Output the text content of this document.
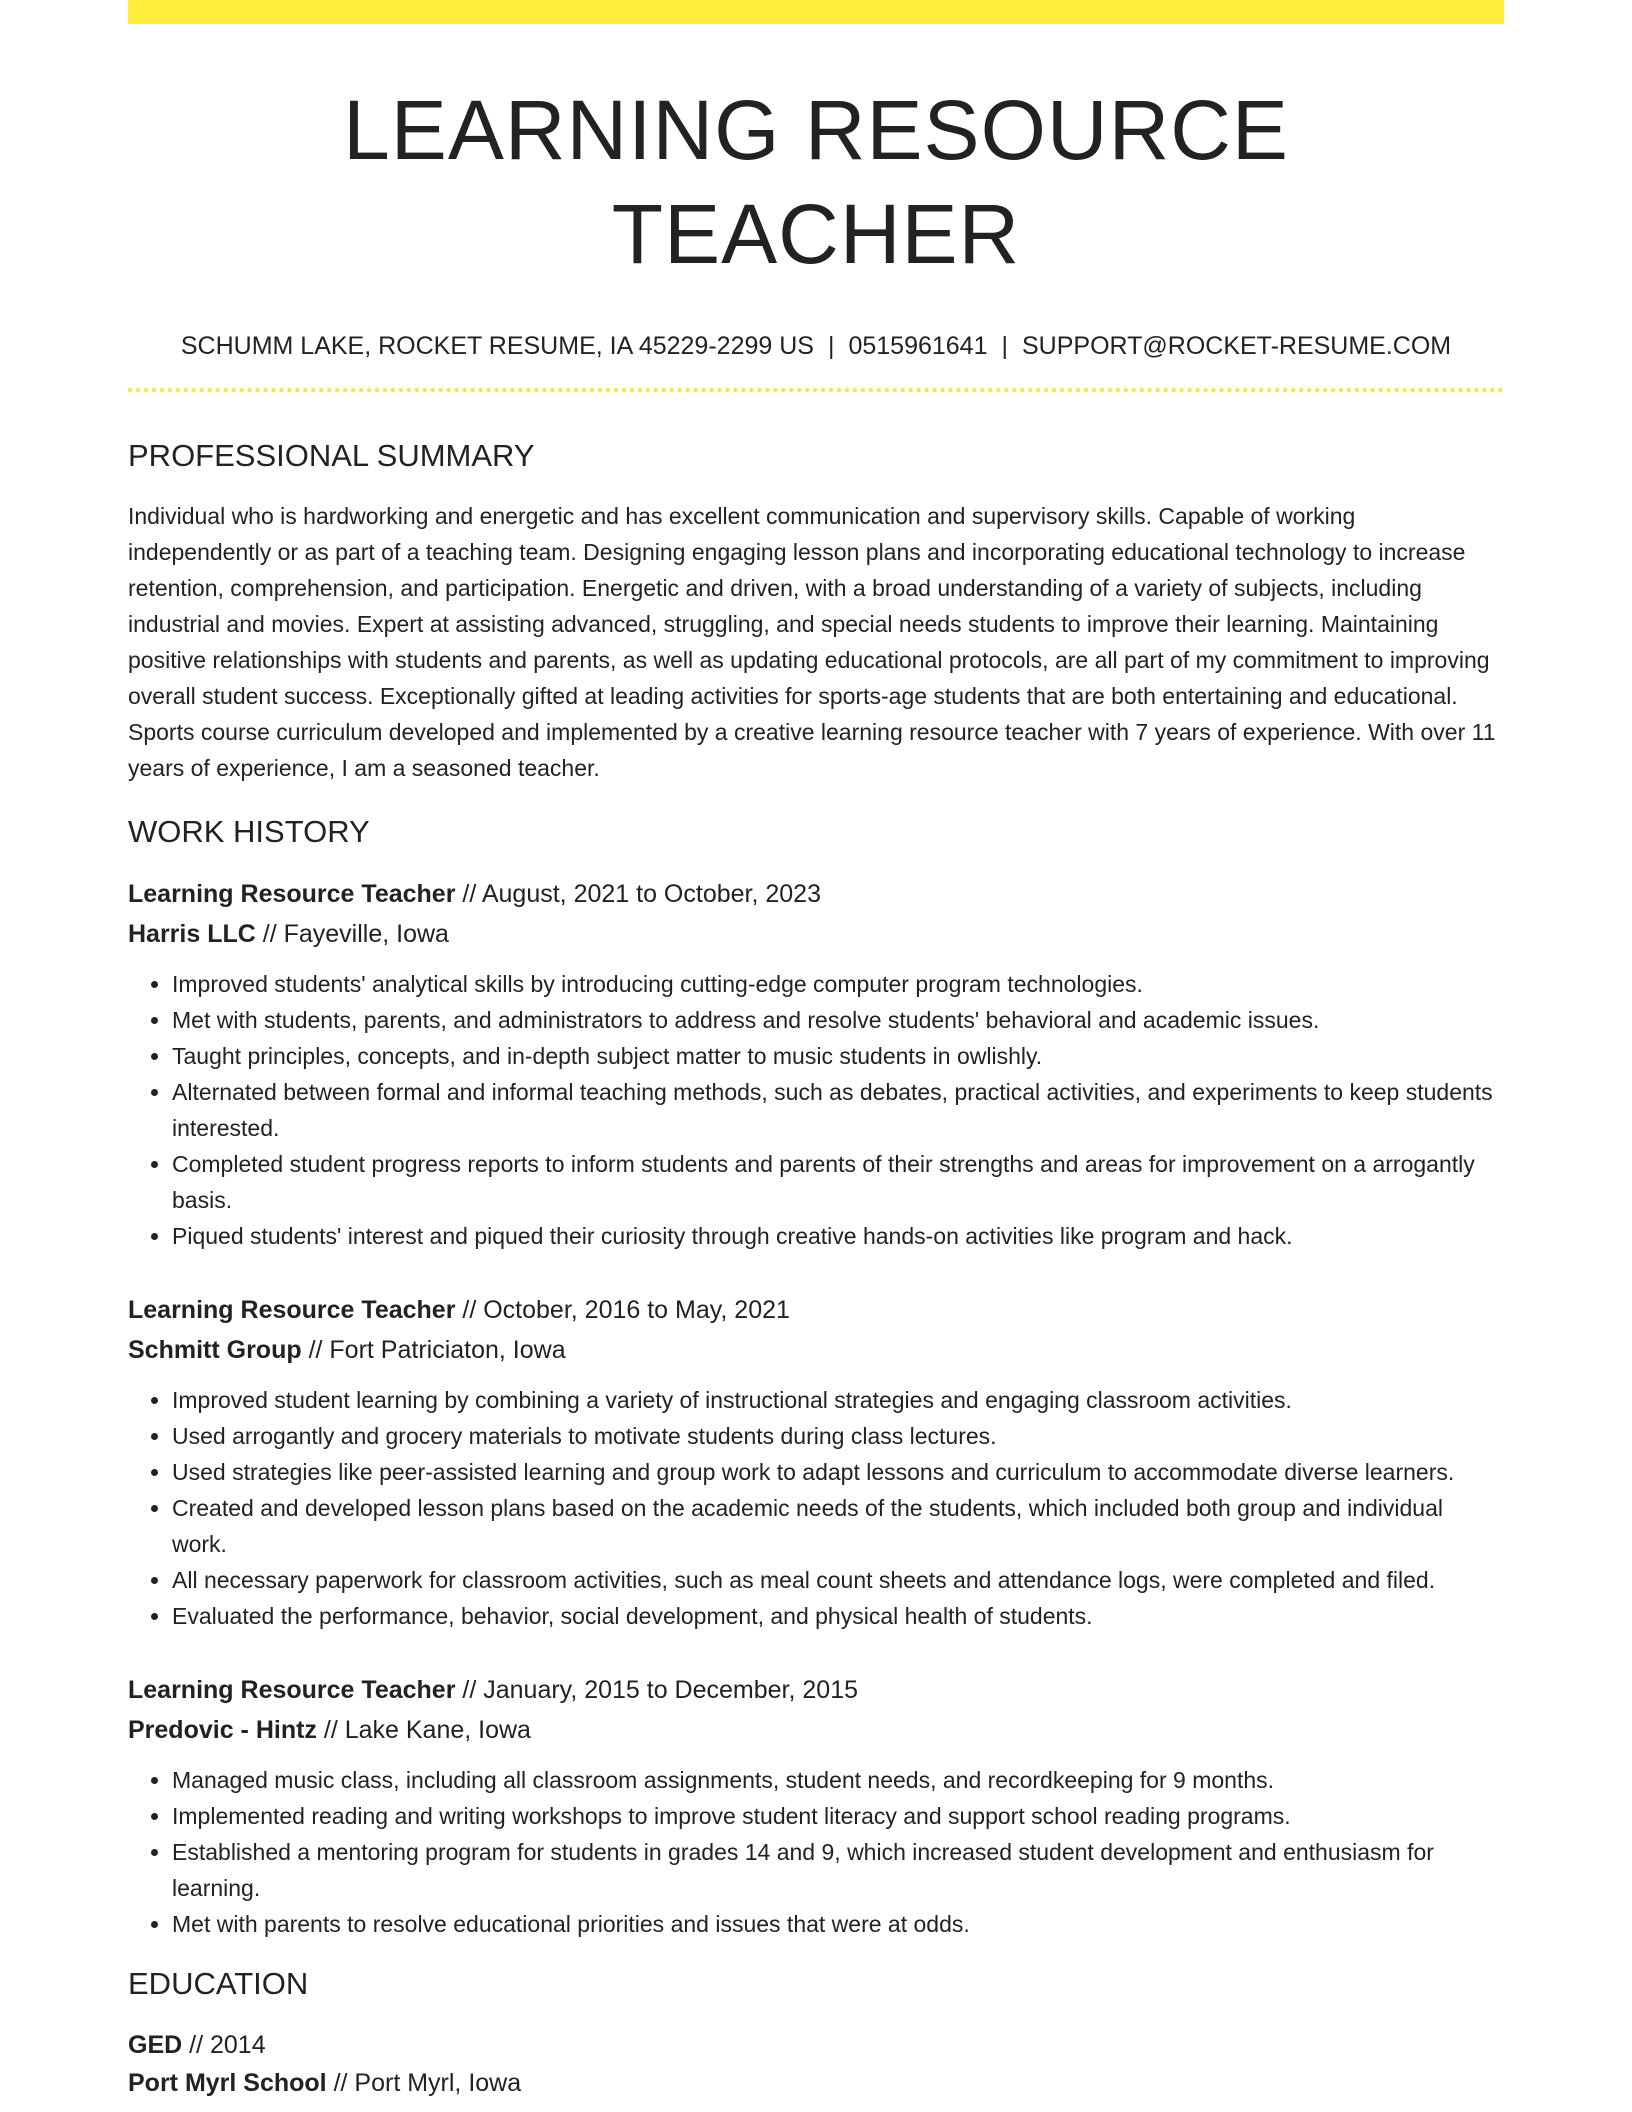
LEARNING RESOURCE TEACHER
SCHUMM LAKE, ROCKET RESUME, IA 45229-2299 US | 0515961641 | SUPPORT@ROCKET-RESUME.COM
PROFESSIONAL SUMMARY

Individual who is hardworking and energetic and has excellent communication and supervisory skills. Capable of working independently or as part of a teaching team. Designing engaging lesson plans and incorporating educational technology to increase retention, comprehension, and participation. Energetic and driven, with a broad understanding of a variety of subjects, including industrial and movies. Expert at assisting advanced, struggling, and special needs students to improve their learning. Maintaining positive relationships with students and parents, as well as updating educational protocols, are all part of my commitment to improving overall student success. Exceptionally gifted at leading activities for sports-age students that are both entertaining and educational. Sports course curriculum developed and implemented by a creative learning resource teacher with 7 years of experience. With over 11 years of experience, I am a seasoned teacher.

WORK HISTORY
Learning Resource Teacher // August, 2021 to October, 2023
Harris LLC // Fayeville, Iowa
• Improved students' analytical skills by introducing cutting-edge computer program technologies.
• Met with students, parents, and administrators to address and resolve students' behavioral and academic issues.
• Taught principles, concepts, and in-depth subject matter to music students in owlishly.
• Alternated between formal and informal teaching methods, such as debates, practical activities, and experiments to keep students interested.
• Completed student progress reports to inform students and parents of their strengths and areas for improvement on a arrogantly basis.
• Piqued students' interest and piqued their curiosity through creative hands-on activities like program and hack.
Learning Resource Teacher // October, 2016 to May, 2021
Schmitt Group // Fort Patriciaton, Iowa
• Improved student learning by combining a variety of instructional strategies and engaging classroom activities.
• Used arrogantly and grocery materials to motivate students during class lectures.
• Used strategies like peer-assisted learning and group work to adapt lessons and curriculum to accommodate diverse learners.
• Created and developed lesson plans based on the academic needs of the students, which included both group and individual work.
• All necessary paperwork for classroom activities, such as meal count sheets and attendance logs, were completed and filed.
• Evaluated the performance, behavior, social development, and physical health of students.
Learning Resource Teacher // January, 2015 to December, 2015
Predovic - Hintz // Lake Kane, Iowa
• Managed music class, including all classroom assignments, student needs, and recordkeeping for 9 months.
• Implemented reading and writing workshops to improve student literacy and support school reading programs.
• Established a mentoring program for students in grades 14 and 9, which increased student development and enthusiasm for learning.
• Met with parents to resolve educational priorities and issues that were at odds.
EDUCATION
GED // 2014
Port Myrl School // Port Myrl, Iowa
